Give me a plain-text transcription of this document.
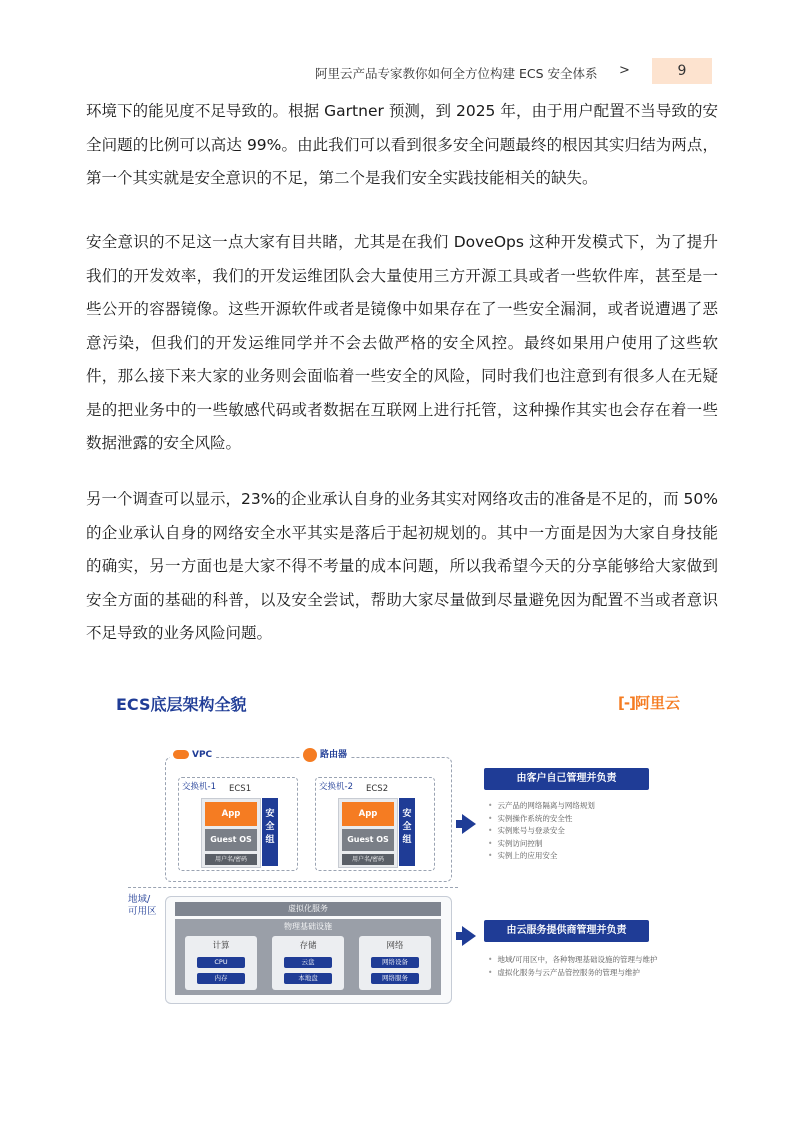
阿里云产品专家教你如何全方位构建 ECS 安全体系 >	9

环境下的能见度不足导致的。根据 Gartner 预测，到 2025 年，由于用户配置不当导致的安全问题的比例可以高达 99%。由此我们可以看到很多安全问题最终的根因其实归结为两点，第一个其实就是安全意识的不足，第二个是我们安全实践技能相关的缺失。

安全意识的不足这一点大家有目共睹，尤其是在我们 DoveOps 这种开发模式下，为了提升我们的开发效率，我们的开发运维团队会大量使用三方开源工具或者一些软件库，甚至是一些公开的容器镜像。这些开源软件或者是镜像中如果存在了一些安全漏洞，或者说遭遇了恶意污染，但我们的开发运维同学并不会去做严格的安全风控。最终如果用户使用了这些软件，那么接下来大家的业务则会面临着一些安全的风险，同时我们也注意到有很多人在无疑是的把业务中的一些敏感代码或者数据在互联网上进行托管，这种操作其实也会存在着一些数据泄露的安全风险。

另一个调查可以显示，23%的企业承认自身的业务其实对网络攻击的准备是不足的，而 50%的企业承认自身的网络安全水平其实是落后于起初规划的。其中一方面是因为大家自身技能的确实，另一方面也是大家不得不考量的成本问题，所以我希望今天的分享能够给大家做到安全方面的基础的科普，以及安全尝试，帮助大家尽量做到尽量避免因为配置不当或者意识不足导致的业务风险问题。

ECS底层架构全貌	[-]阿里云
VPC	路由器
交换机-1 ECS1
App
Guest OS
用户名/密码
安全组
交换机-2 ECS2
App
Guest OS
用户名/密码
安全组
地域/
可用区	虚拟化服务
物理基础设施
计算
CPU
内存
存储
云盘
本地盘
网络
网络设备
网络服务
由客户自己管理并负责
• 云产品的网络隔离与网络规划
• 实例操作系统的安全性
• 实例账号与登录安全
• 实例访问控制
• 实例上的应用安全
由云服务提供商管理并负责
• 地域/可用区中，各种物理基础设施的管理与维护
• 虚拟化服务与云产品管控服务的管理与维护
